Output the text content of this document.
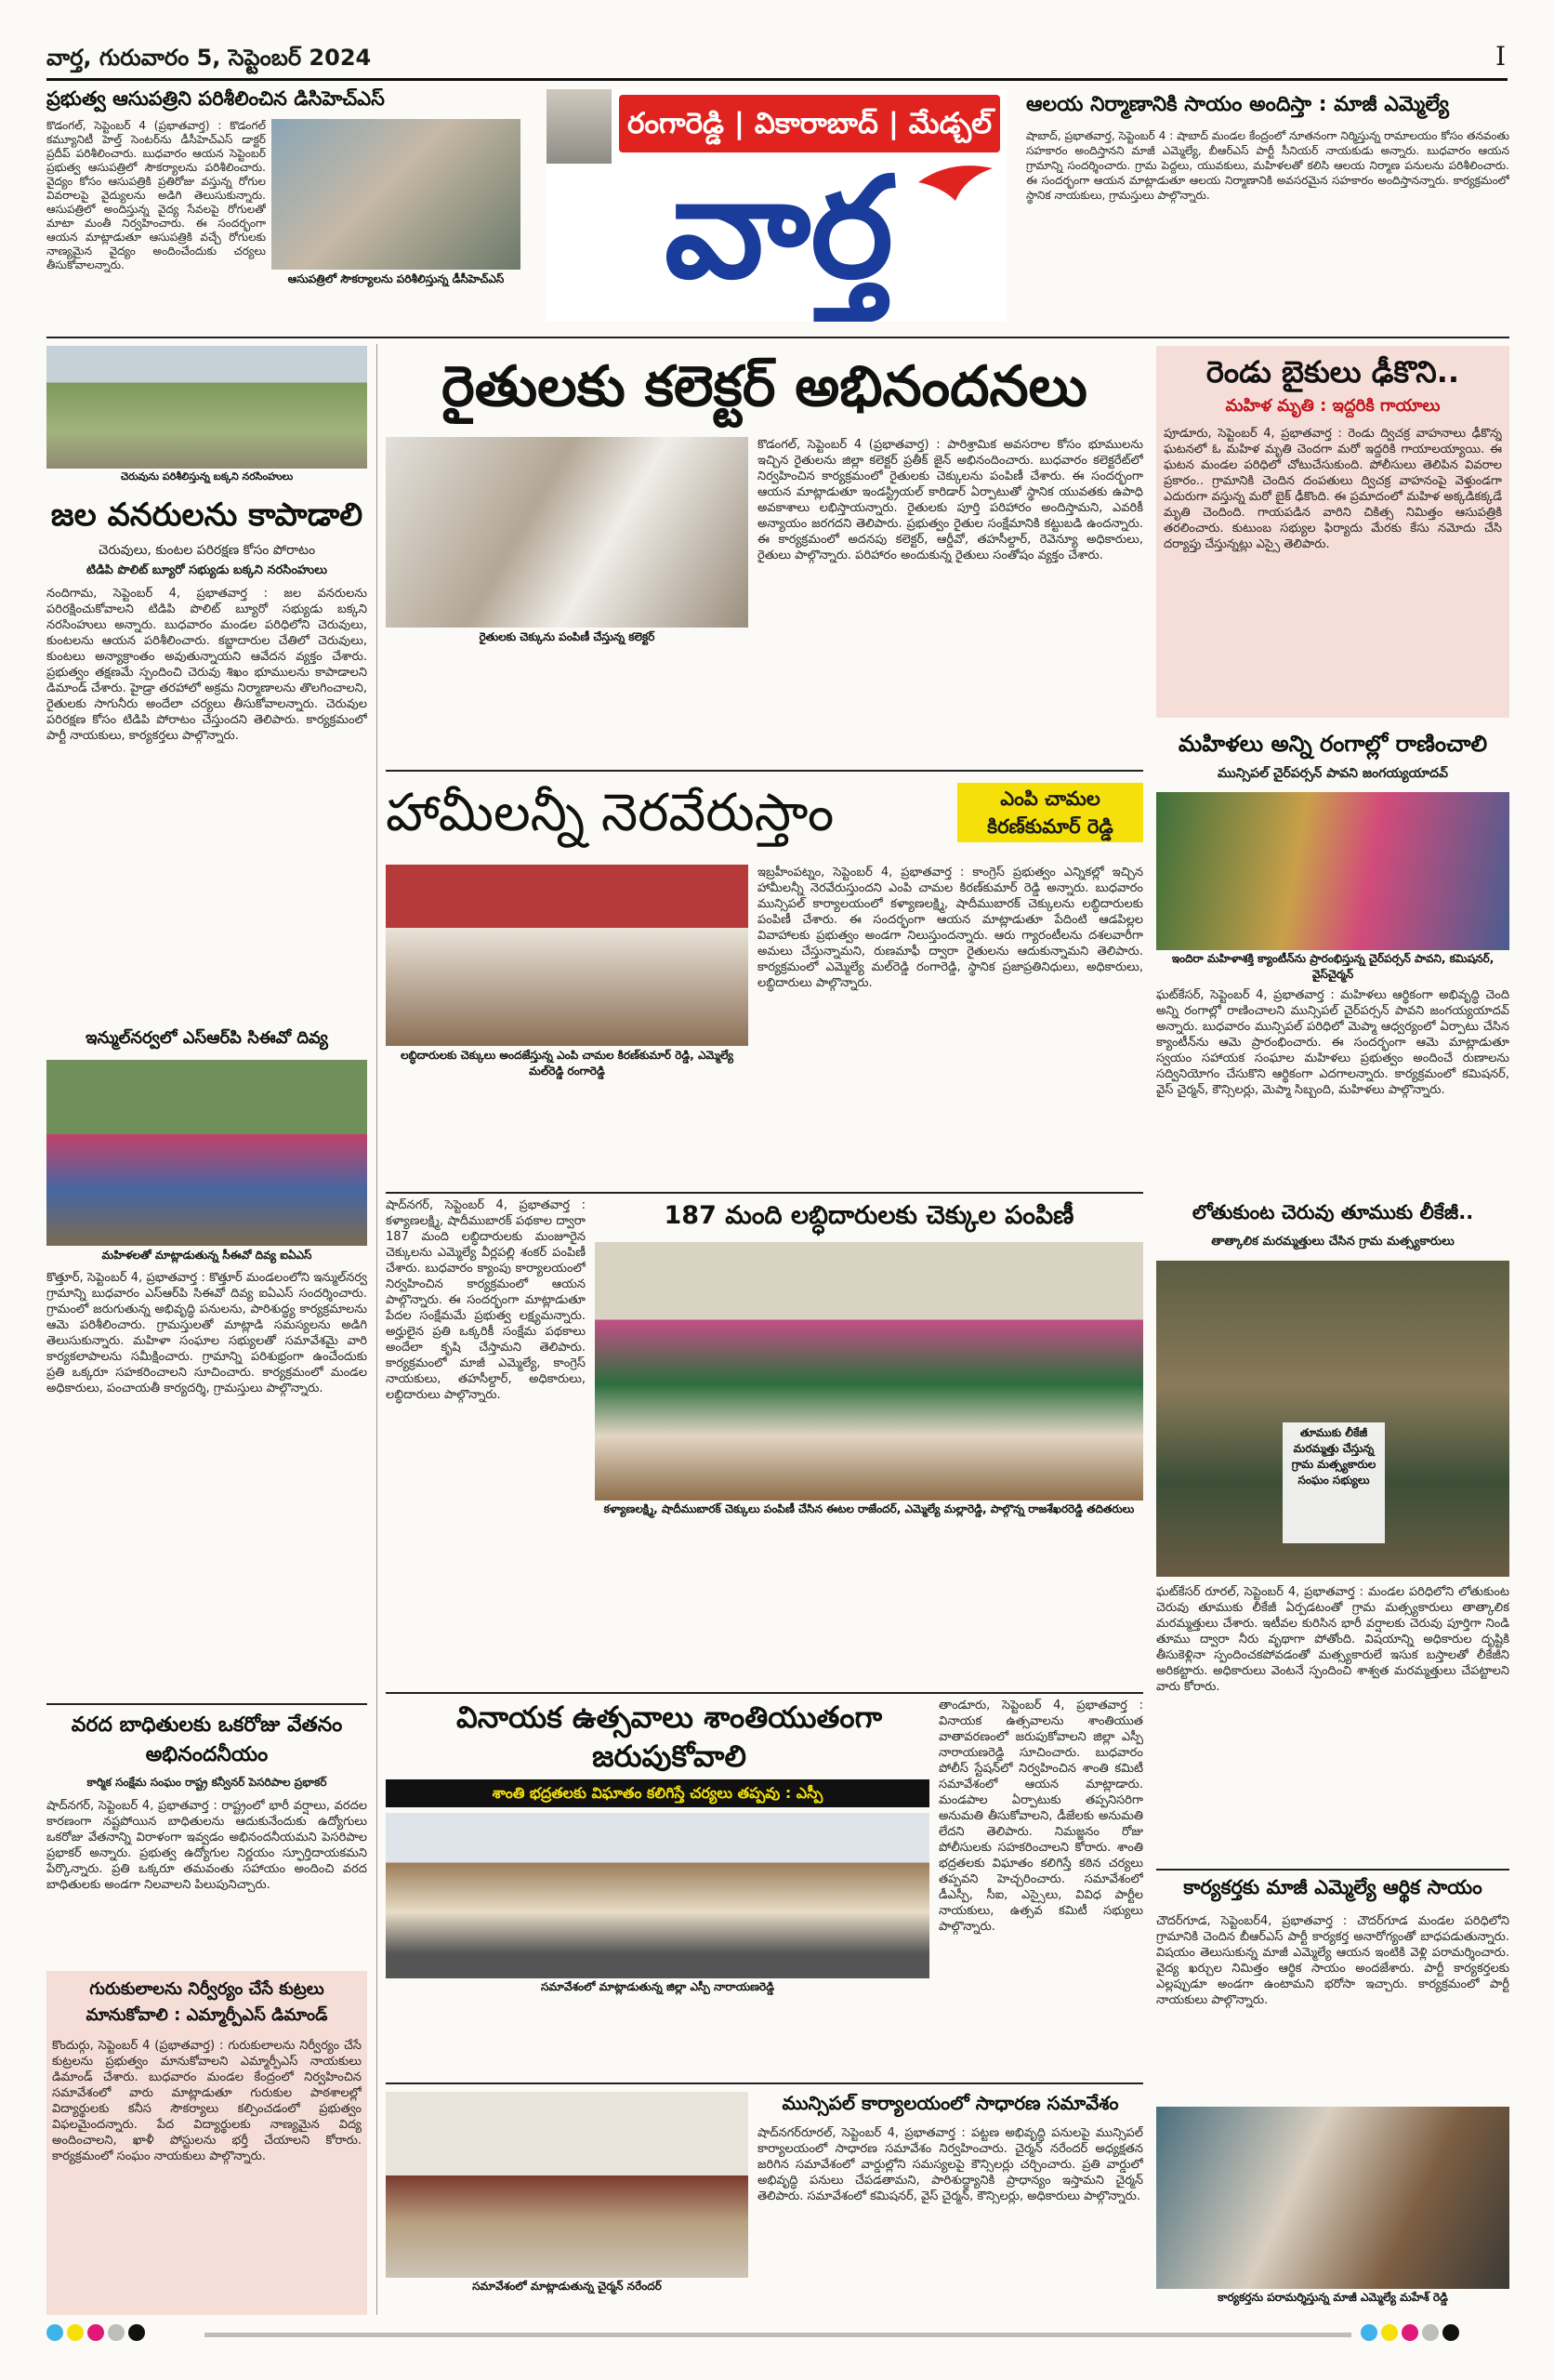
వార్త, గురువారం 5, సెప్టెంబర్ 2024	I
రంగారెడ్డి | వికారాబాద్ | మేడ్చల్
వార్త
ప్రభుత్వ ఆసుపత్రిని పరిశీలించిన డిసిహెచ్‌ఎస్
కొడంగల్, సెప్టెంబర్ 4 (ప్రభాతవార్త) : కొడంగల్ కమ్యూనిటీ హెల్త్ సెంటర్‌ను డీసీహెచ్‌ఎస్ డాక్టర్ ప్రదీప్ పరిశీలించారు. బుధవారం ఆయన సెప్టెంబర్ ప్రభుత్వ ఆసుపత్రిలో సౌకర్యాలను పరిశీలించారు. వైద్యం కోసం ఆసుపత్రికి ప్రతిరోజు వస్తున్న రోగుల వివరాలపై వైద్యులను అడిగి తెలుసుకున్నారు. ఆసుపత్రిలో అందిస్తున్న వైద్య సేవలపై రోగులతో మాటా మంతీ నిర్వహించారు. ఈ సందర్భంగా ఆయన మాట్లాడుతూ ఆసుపత్రికి వచ్చే రోగులకు నాణ్యమైన వైద్యం అందించేందుకు చర్యలు తీసుకోవాలన్నారు.
ఆసుపత్రిలో సౌకర్యాలను పరిశీలిస్తున్న డీసీహెచ్‌ఎస్
ఆలయ నిర్మాణానికి సాయం అందిస్తా : మాజీ ఎమ్మెల్యే
షాబాద్, ప్రభాతవార్త, సెప్టెంబర్ 4 : షాబాద్ మండల కేంద్రంలో నూతనంగా నిర్మిస్తున్న రామాలయం కోసం తనవంతు సహకారం అందిస్తానని మాజీ ఎమ్మెల్యే, బీఆర్ఎస్ పార్టీ సీనియర్ నాయకుడు అన్నారు. బుధవారం ఆయన గ్రామాన్ని సందర్శించారు. గ్రామ పెద్దలు, యువకులు, మహిళలతో కలిసి ఆలయ నిర్మాణ పనులను పరిశీలించారు. ఈ సందర్భంగా ఆయన మాట్లాడుతూ ఆలయ నిర్మాణానికి అవసరమైన సహకారం అందిస్తానన్నారు. కార్యక్రమంలో స్థానిక నాయకులు, గ్రామస్తులు పాల్గొన్నారు.
చెరువును పరిశీలిస్తున్న బక్కని నరసింహులు
జల వనరులను కాపాడాలి
చెరువులు, కుంటల పరిరక్షణ కోసం పోరాటం
టిడిపి పొలిట్ బ్యూరో సభ్యుడు బక్కని నరసింహులు
నందిగామ, సెప్టెంబర్ 4, ప్రభాతవార్త : జల వనరులను పరిరక్షించుకోవాలని టిడిపి పొలిట్ బ్యూరో సభ్యుడు బక్కని నరసింహులు అన్నారు. బుధవారం మండల పరిధిలోని చెరువులు, కుంటలను ఆయన పరిశీలించారు. కబ్జాదారుల చేతిలో చెరువులు, కుంటలు అన్యాక్రాంతం అవుతున్నాయని ఆవేదన వ్యక్తం చేశారు. ప్రభుత్వం తక్షణమే స్పందించి చెరువు శిఖం భూములను కాపాడాలని డిమాండ్ చేశారు. హైడ్రా తరహాలో అక్రమ నిర్మాణాలను తొలగించాలని, రైతులకు సాగునీరు అందేలా చర్యలు తీసుకోవాలన్నారు. చెరువుల పరిరక్షణ కోసం టిడిపి పోరాటం చేస్తుందని తెలిపారు. కార్యక్రమంలో పార్టీ నాయకులు, కార్యకర్తలు పాల్గొన్నారు.
రైతులకు కలెక్టర్ అభినందనలు
రైతులకు చెక్కును పంపిణీ చేస్తున్న కలెక్టర్
కొడంగల్, సెప్టెంబర్ 4 (ప్రభాతవార్త) : పారిశ్రామిక అవసరాల కోసం భూములను ఇచ్చిన రైతులను జిల్లా కలెక్టర్ ప్రతీక్ జైన్ అభినందించారు. బుధవారం కలెక్టరేట్‌లో నిర్వహించిన కార్యక్రమంలో రైతులకు చెక్కులను పంపిణీ చేశారు. ఈ సందర్భంగా ఆయన మాట్లాడుతూ ఇండస్ట్రియల్ కారిడార్ ఏర్పాటుతో స్థానిక యువతకు ఉపాధి అవకాశాలు లభిస్తాయన్నారు. రైతులకు పూర్తి పరిహారం అందిస్తామని, ఎవరికీ అన్యాయం జరగదని తెలిపారు. ప్రభుత్వం రైతుల సంక్షేమానికి కట్టుబడి ఉందన్నారు. ఈ కార్యక్రమంలో అదనపు కలెక్టర్, ఆర్డీవో, తహసీల్దార్, రెవెన్యూ అధికారులు, రైతులు పాల్గొన్నారు. పరిహారం అందుకున్న రైతులు సంతోషం వ్యక్తం చేశారు.
రెండు బైకులు ఢీకొని..
మహిళ మృతి : ఇద్దరికి గాయాలు
పూడూరు, సెప్టెంబర్ 4, ప్రభాతవార్త : రెండు ద్విచక్ర వాహనాలు ఢీకొన్న ఘటనలో ఓ మహిళ మృతి చెందగా మరో ఇద్దరికి గాయాలయ్యాయి. ఈ ఘటన మండల పరిధిలో చోటుచేసుకుంది. పోలీసులు తెలిపిన వివరాల ప్రకారం.. గ్రామానికి చెందిన దంపతులు ద్విచక్ర వాహనంపై వెళ్తుండగా ఎదురుగా వస్తున్న మరో బైక్ ఢీకొంది. ఈ ప్రమాదంలో మహిళ అక్కడికక్కడే మృతి చెందింది. గాయపడిన వారిని చికిత్స నిమిత్తం ఆసుపత్రికి తరలించారు. కుటుంబ సభ్యుల ఫిర్యాదు మేరకు కేసు నమోదు చేసి దర్యాప్తు చేస్తున్నట్లు ఎస్సై తెలిపారు.
హామీలన్నీ నెరవేరుస్తాం	ఎంపి చామల కిరణ్‌కుమార్ రెడ్డి
లబ్ధిదారులకు చెక్కులు అందజేస్తున్న ఎంపి చామల కిరణ్‌కుమార్ రెడ్డి, ఎమ్మెల్యే మల్‌రెడ్డి రంగారెడ్డి
ఇబ్రహీంపట్నం, సెప్టెంబర్ 4, ప్రభాతవార్త : కాంగ్రెస్ ప్రభుత్వం ఎన్నికల్లో ఇచ్చిన హామీలన్నీ నెరవేరుస్తుందని ఎంపి చామల కిరణ్‌కుమార్ రెడ్డి అన్నారు. బుధవారం మున్సిపల్ కార్యాలయంలో కళ్యాణలక్ష్మి, షాదీముబారక్ చెక్కులను లబ్ధిదారులకు పంపిణీ చేశారు. ఈ సందర్భంగా ఆయన మాట్లాడుతూ పేదింటి ఆడపిల్లల వివాహాలకు ప్రభుత్వం అండగా నిలుస్తుందన్నారు. ఆరు గ్యారంటీలను దశలవారీగా అమలు చేస్తున్నామని, రుణమాఫీ ద్వారా రైతులను ఆదుకున్నామని తెలిపారు. కార్యక్రమంలో ఎమ్మెల్యే మల్‌రెడ్డి రంగారెడ్డి, స్థానిక ప్రజాప్రతినిధులు, అధికారులు, లబ్ధిదారులు పాల్గొన్నారు.
మహిళలు అన్ని రంగాల్లో రాణించాలి
మున్సిపల్ చైర్‌పర్సన్ పావని జంగయ్యయాదవ్
ఇందిరా మహిళాశక్తి క్యాంటీన్‌ను ప్రారంభిస్తున్న చైర్‌పర్సన్ పావని, కమిషనర్, వైస్‌చైర్మన్
ఘట్‌కేసర్, సెప్టెంబర్ 4, ప్రభాతవార్త : మహిళలు ఆర్థికంగా అభివృద్ధి చెంది అన్ని రంగాల్లో రాణించాలని మున్సిపల్ చైర్‌పర్సన్ పావని జంగయ్యయాదవ్ అన్నారు. బుధవారం మున్సిపల్ పరిధిలో మెప్మా ఆధ్వర్యంలో ఏర్పాటు చేసిన క్యాంటీన్‌ను ఆమె ప్రారంభించారు. ఈ సందర్భంగా ఆమె మాట్లాడుతూ స్వయం సహాయక సంఘాల మహిళలు ప్రభుత్వం అందించే రుణాలను సద్వినియోగం చేసుకొని ఆర్థికంగా ఎదగాలన్నారు. కార్యక్రమంలో కమిషనర్, వైస్ చైర్మన్, కౌన్సిలర్లు, మెప్మా సిబ్బంది, మహిళలు పాల్గొన్నారు.
ఇన్ముల్‌నర్వలో ఎస్‌ఆర్‌పి సిఈవో దివ్య
మహిళలతో మాట్లాడుతున్న సీఈవో దివ్య ఐఏఎస్
కొత్తూర్, సెప్టెంబర్ 4, ప్రభాతవార్త : కొత్తూర్ మండలంలోని ఇన్ముల్‌నర్వ గ్రామాన్ని బుధవారం ఎస్‌ఆర్‌పి సిఈవో దివ్య ఐఏఎస్ సందర్శించారు. గ్రామంలో జరుగుతున్న అభివృద్ధి పనులను, పారిశుద్ధ్య కార్యక్రమాలను ఆమె పరిశీలించారు. గ్రామస్తులతో మాట్లాడి సమస్యలను అడిగి తెలుసుకున్నారు. మహిళా సంఘాల సభ్యులతో సమావేశమై వారి కార్యకలాపాలను సమీక్షించారు. గ్రామాన్ని పరిశుభ్రంగా ఉంచేందుకు ప్రతి ఒక్కరూ సహకరించాలని సూచించారు. కార్యక్రమంలో మండల అధికారులు, పంచాయతీ కార్యదర్శి, గ్రామస్తులు పాల్గొన్నారు.
187 మంది లబ్ధిదారులకు చెక్కుల పంపిణీ
షాద్‌నగర్, సెప్టెంబర్ 4, ప్రభాతవార్త : కళ్యాణలక్ష్మి, షాదీముబారక్ పథకాల ద్వారా 187 మంది లబ్ధిదారులకు మంజూరైన చెక్కులను ఎమ్మెల్యే వీర్లపల్లి శంకర్ పంపిణీ చేశారు. బుధవారం క్యాంపు కార్యాలయంలో నిర్వహించిన కార్యక్రమంలో ఆయన పాల్గొన్నారు. ఈ సందర్భంగా మాట్లాడుతూ పేదల సంక్షేమమే ప్రభుత్వ లక్ష్యమన్నారు. అర్హులైన ప్రతి ఒక్కరికీ సంక్షేమ పథకాలు అందేలా కృషి చేస్తామని తెలిపారు. కార్యక్రమంలో మాజీ ఎమ్మెల్యే, కాంగ్రెస్ నాయకులు, తహసీల్దార్, అధికారులు, లబ్ధిదారులు పాల్గొన్నారు.
కళ్యాణలక్ష్మి, షాదీముబారక్ చెక్కులు పంపిణీ చేసిన ఈటల రాజేందర్, ఎమ్మెల్యే మల్లారెడ్డి, పాల్గొన్న రాజశేఖరరెడ్డి తదితరులు
లోతుకుంట చెరువు తూముకు లీకేజీ..
తాత్కాలిక మరమ్మత్తులు చేసిన గ్రామ మత్స్యకారులు
తూముకు లీకేజీ మరమ్మత్తు చేస్తున్న గ్రామ మత్స్యకారుల సంఘం సభ్యులు
ఘట్‌కేసర్ రూరల్, సెప్టెంబర్ 4, ప్రభాతవార్త : మండల పరిధిలోని లోతుకుంట చెరువు తూముకు లీకేజీ ఏర్పడటంతో గ్రామ మత్స్యకారులు తాత్కాలిక మరమ్మత్తులు చేశారు. ఇటీవల కురిసిన భారీ వర్షాలకు చెరువు పూర్తిగా నిండి తూము ద్వారా నీరు వృథాగా పోతోంది. విషయాన్ని అధికారుల దృష్టికి తీసుకెళ్లినా స్పందించకపోవడంతో మత్స్యకారులే ఇసుక బస్తాలతో లీకేజీని అరికట్టారు. అధికారులు వెంటనే స్పందించి శాశ్వత మరమ్మత్తులు చేపట్టాలని వారు కోరారు.
వరద బాధితులకు ఒకరోజు వేతనం అభినందనీయం
కార్మిక సంక్షేమ సంఘం రాష్ట్ర కన్వీనర్ పెసరిపాల ప్రభాకర్
షాద్‌నగర్, సెప్టెంబర్ 4, ప్రభాతవార్త : రాష్ట్రంలో భారీ వర్షాలు, వరదల కారణంగా నష్టపోయిన బాధితులను ఆదుకునేందుకు ఉద్యోగులు ఒకరోజు వేతనాన్ని విరాళంగా ఇవ్వడం అభినందనీయమని పెసరిపాల ప్రభాకర్ అన్నారు. ప్రభుత్వ ఉద్యోగుల నిర్ణయం స్ఫూర్తిదాయకమని పేర్కొన్నారు. ప్రతి ఒక్కరూ తమవంతు సహాయం అందించి వరద బాధితులకు అండగా నిలవాలని పిలుపునిచ్చారు.
గురుకులాలను నిర్వీర్యం చేసే కుట్రలు మానుకోవాలి : ఎమ్మార్పీఎస్ డిమాండ్
కొందుర్గు, సెప్టెంబర్ 4 (ప్రభాతవార్త) : గురుకులాలను నిర్వీర్యం చేసే కుట్రలను ప్రభుత్వం మానుకోవాలని ఎమ్మార్పీఎస్ నాయకులు డిమాండ్ చేశారు. బుధవారం మండల కేంద్రంలో నిర్వహించిన సమావేశంలో వారు మాట్లాడుతూ గురుకుల పాఠశాలల్లో విద్యార్థులకు కనీస సౌకర్యాలు కల్పించడంలో ప్రభుత్వం విఫలమైందన్నారు. పేద విద్యార్థులకు నాణ్యమైన విద్య అందించాలని, ఖాళీ పోస్టులను భర్తీ చేయాలని కోరారు. కార్యక్రమంలో సంఘం నాయకులు పాల్గొన్నారు.
వినాయక ఉత్సవాలు శాంతియుతంగా జరుపుకోవాలి
శాంతి భద్రతలకు విఘాతం కలిగిస్తే చర్యలు తప్పవు : ఎస్పీ
సమావేశంలో మాట్లాడుతున్న జిల్లా ఎస్పీ నారాయణరెడ్డి
తాండూరు, సెప్టెంబర్ 4, ప్రభాతవార్త : వినాయక ఉత్సవాలను శాంతియుత వాతావరణంలో జరుపుకోవాలని జిల్లా ఎస్పీ నారాయణరెడ్డి సూచించారు. బుధవారం పోలీస్ స్టేషన్‌లో నిర్వహించిన శాంతి కమిటీ సమావేశంలో ఆయన మాట్లాడారు. మండపాల ఏర్పాటుకు తప్పనిసరిగా అనుమతి తీసుకోవాలని, డీజేలకు అనుమతి లేదని తెలిపారు. నిమజ్జనం రోజు పోలీసులకు సహకరించాలని కోరారు. శాంతి భద్రతలకు విఘాతం కలిగిస్తే కఠిన చర్యలు తప్పవని హెచ్చరించారు. సమావేశంలో డీఎస్పీ, సీఐ, ఎస్సైలు, వివిధ పార్టీల నాయకులు, ఉత్సవ కమిటీ సభ్యులు పాల్గొన్నారు.
కార్యకర్తకు మాజీ ఎమ్మెల్యే ఆర్థిక సాయం
చౌదర్‌గూడ, సెప్టెంబర్4, ప్రభాతవార్త : చౌదర్‌గూడ మండల పరిధిలోని గ్రామానికి చెందిన బీఆర్ఎస్ పార్టీ కార్యకర్త అనారోగ్యంతో బాధపడుతున్నారు. విషయం తెలుసుకున్న మాజీ ఎమ్మెల్యే ఆయన ఇంటికి వెళ్లి పరామర్శించారు. వైద్య ఖర్చుల నిమిత్తం ఆర్థిక సాయం అందజేశారు. పార్టీ కార్యకర్తలకు ఎల్లప్పుడూ అండగా ఉంటామని భరోసా ఇచ్చారు. కార్యక్రమంలో పార్టీ నాయకులు పాల్గొన్నారు.
కార్యకర్తను పరామర్శిస్తున్న మాజీ ఎమ్మెల్యే మహేశ్ రెడ్డి
సమావేశంలో మాట్లాడుతున్న చైర్మన్ నరేందర్
మున్సిపల్ కార్యాలయంలో సాధారణ సమావేశం
షాద్‌నగర్‌రూరల్, సెప్టెంబర్ 4, ప్రభాతవార్త : పట్టణ అభివృద్ధి పనులపై మున్సిపల్ కార్యాలయంలో సాధారణ సమావేశం నిర్వహించారు. చైర్మన్ నరేందర్ అధ్యక్షతన జరిగిన సమావేశంలో వార్డుల్లోని సమస్యలపై కౌన్సిలర్లు చర్చించారు. ప్రతి వార్డులో అభివృద్ధి పనులు చేపడతామని, పారిశుద్ధ్యానికి ప్రాధాన్యం ఇస్తామని చైర్మన్ తెలిపారు. సమావేశంలో కమిషనర్, వైస్ చైర్మన్, కౌన్సిలర్లు, అధికారులు పాల్గొన్నారు.
